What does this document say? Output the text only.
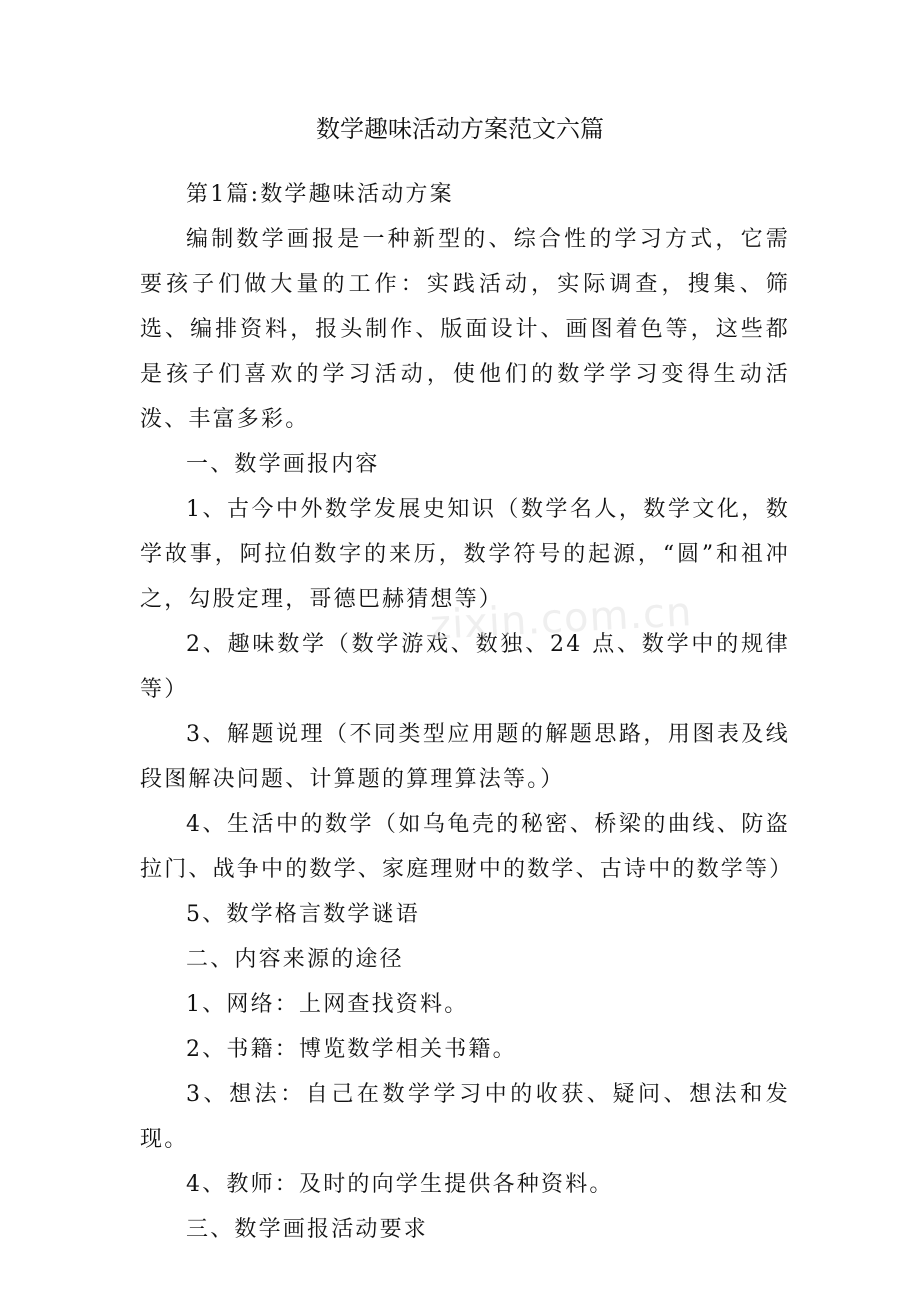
数学趣味活动方案范文六篇

第1篇:数学趣味活动方案

编制数学画报是一种新型的、综合性的学习方式，它需要孩子们做大量的工作：实践活动，实际调查，搜集、筛选、编排资料，报头制作、版面设计、画图着色等，这些都是孩子们喜欢的学习活动，使他们的数学学习变得生动活泼、丰富多彩。

一、数学画报内容

1、古今中外数学发展史知识（数学名人，数学文化，数学故事，阿拉伯数字的来历，数学符号的起源，“圆”和祖冲之，勾股定理，哥德巴赫猜想等）

2、趣味数学（数学游戏、数独、24 点、数学中的规律等）

3、解题说理（不同类型应用题的解题思路，用图表及线段图解决问题、计算题的算理算法等。）

4、生活中的数学（如乌龟壳的秘密、桥梁的曲线、防盗拉门、战争中的数学、家庭理财中的数学、古诗中的数学等）

5、数学格言数学谜语

二、内容来源的途径

1、网络：上网查找资料。

2、书籍：博览数学相关书籍。

3、想法：自己在数学学习中的收获、疑问、想法和发现。

4、教师：及时的向学生提供各种资料。

三、数学画报活动要求

zixin.com.cn
